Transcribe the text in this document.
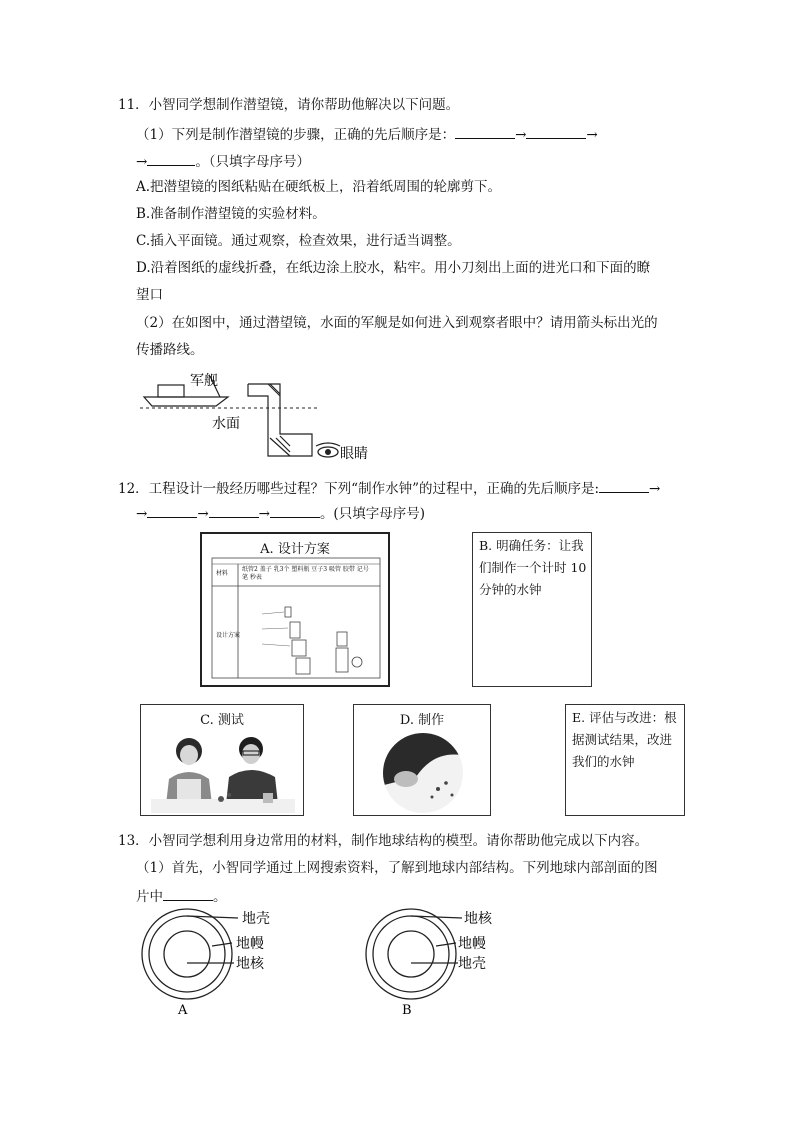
11．小智同学想制作潜望镜，请你帮助他解决以下问题。
（1）下列是制作潜望镜的步骤，正确的先后顺序是：	→	→
→	。（只填字母序号）
A.把潜望镜的图纸粘贴在硬纸板上，沿着纸周围的轮廓剪下。
B.准备制作潜望镜的实验材料。
C.插入平面镜。通过观察，检查效果，进行适当调整。
D.沿着图纸的虚线折叠，在纸边涂上胶水，粘牢。用小刀刻出上面的进光口和下面的瞭
望口
（2）在如图中，通过潜望镜，水面的军舰是如何进入到观察者眼中？请用箭头标出光的
传播路线。
军舰
水面
眼睛
12．工程设计一般经历哪些过程？下列“制作水钟”的过程中，正确的先后顺序是:	→
→	→	→	。(只填字母序号)
A. 设计方案
材料
纸管2 盖子 乳3个 塑料瓶 豆子3 吸管 胶带 记号笔 秒表
设计方案
B. 明确任务：让我
们制作一个计时 10
分钟的水钟
C. 测试	D. 制作	E. 评估与改进：根
据测试结果，改进
我们的水钟
13．小智同学想利用身边常用的材料，制作地球结构的模型。请你帮助他完成以下内容。
（1）首先，小智同学通过上网搜索资料，了解到地球内部结构。下列地球内部剖面的图
片中	。
地壳
地幔
地核
A
地核
地幔
地壳
B
